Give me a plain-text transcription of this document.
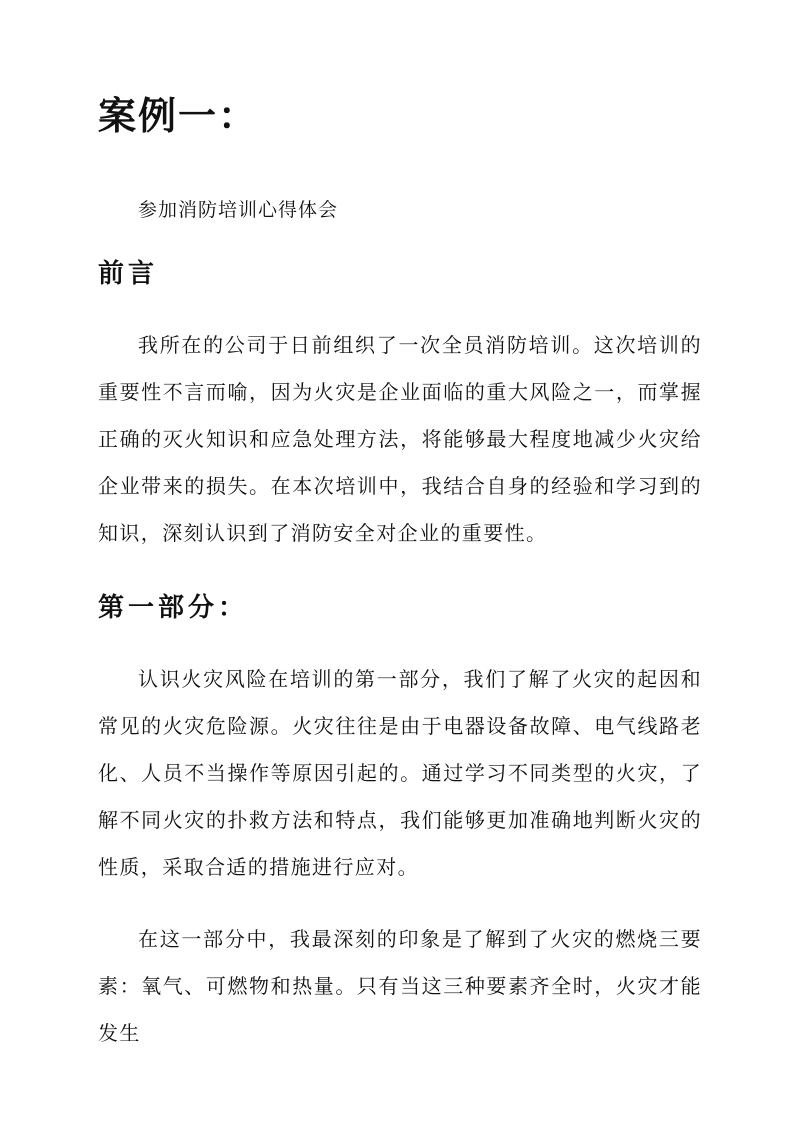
案例一：

参加消防培训心得体会

前言

我所在的公司于日前组织了一次全员消防培训。这次培训的重要性不言而喻，因为火灾是企业面临的重大风险之一，而掌握正确的灭火知识和应急处理方法，将能够最大程度地减少火灾给企业带来的损失。在本次培训中，我结合自身的经验和学习到的知识，深刻认识到了消防安全对企业的重要性。

第一部分：

认识火灾风险在培训的第一部分，我们了解了火灾的起因和常见的火灾危险源。火灾往往是由于电器设备故障、电气线路老化、人员不当操作等原因引起的。通过学习不同类型的火灾，了解不同火灾的扑救方法和特点，我们能够更加准确地判断火灾的性质，采取合适的措施进行应对。

在这一部分中，我最深刻的印象是了解到了火灾的燃烧三要素：氧气、可燃物和热量。只有当这三种要素齐全时，火灾才能发生
